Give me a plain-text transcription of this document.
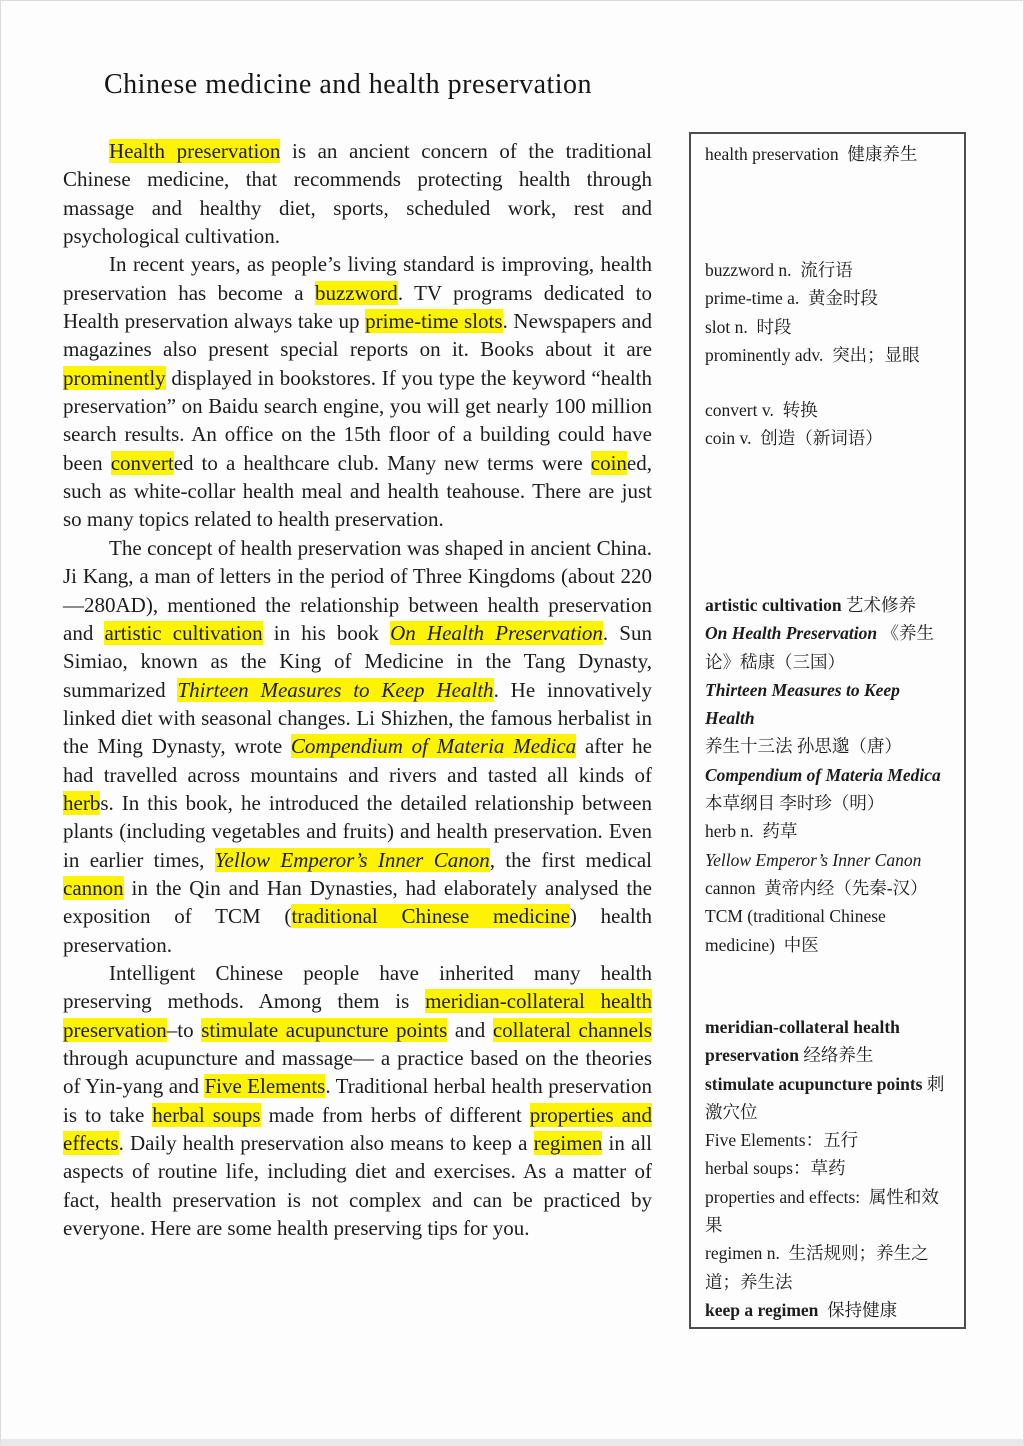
Chinese medicine and health preservation

Health preservation is an ancient concern of the traditional Chinese medicine, that recommends protecting health through massage and healthy diet, sports, scheduled work, rest and psychological cultivation.

In recent years, as people’s living standard is improving, health preservation has become a buzzword. TV programs dedicated to Health preservation always take up prime-time slots. Newspapers and magazines also present special reports on it. Books about it are prominently displayed in bookstores. If you type the keyword “health preservation” on Baidu search engine, you will get nearly 100 million search results. An office on the 15th floor of a building could have been converted to a healthcare club. Many new terms were coined, such as white-collar health meal and health teahouse. There are just so many topics related to health preservation.

The concept of health preservation was shaped in ancient China. Ji Kang, a man of letters in the period of Three Kingdoms (about 220—280AD), mentioned the relationship between health preservation and artistic cultivation in his book On Health Preservation. Sun Simiao, known as the King of Medicine in the Tang Dynasty, summarized Thirteen Measures to Keep Health. He innovatively linked diet with seasonal changes. Li Shizhen, the famous herbalist in the Ming Dynasty, wrote Compendium of Materia Medica after he had travelled across mountains and rivers and tasted all kinds of herbs. In this book, he introduced the detailed relationship between plants (including vegetables and fruits) and health preservation. Even in earlier times, Yellow Emperor’s Inner Canon, the first medical cannon in the Qin and Han Dynasties, had elaborately analysed the exposition of TCM (traditional Chinese medicine) health preservation.

Intelligent Chinese people have inherited many health preserving methods. Among them is meridian-collateral health preservation–to stimulate acupuncture points and collateral channels through acupuncture and massage— a practice based on the theories of Yin-yang and Five Elements. Traditional herbal health preservation is to take herbal soups made from herbs of different properties and effects. Daily health preservation also means to keep a regimen in all aspects of routine life, including diet and exercises. As a matter of fact, health preservation is not complex and can be practiced by everyone. Here are some health preserving tips for you.

health preservation  健康养生
buzzword n.  流行语
prime-time a.  黄金时段
slot n.  时段
prominently adv.  突出；显眼
convert v.  转换
coin v.  创造（新词语）
artistic cultivation 艺术修养
On Health Preservation 《养生论》嵇康（三国）
Thirteen Measures to Keep Health 养生十三法 孙思邈（唐）
Compendium of Materia Medica 本草纲目 李时珍（明）
herb n.  药草
Yellow Emperor’s Inner Canon cannon  黄帝内经（先秦-汉）
TCM (traditional Chinese medicine)  中医
meridian-collateral health preservation 经络养生
stimulate acupuncture points 刺激穴位
Five Elements：五行
herbal soups：草药
properties and effects:  属性和效果
regimen n.  生活规则；养生之道；养生法
keep a regimen  保持健康
